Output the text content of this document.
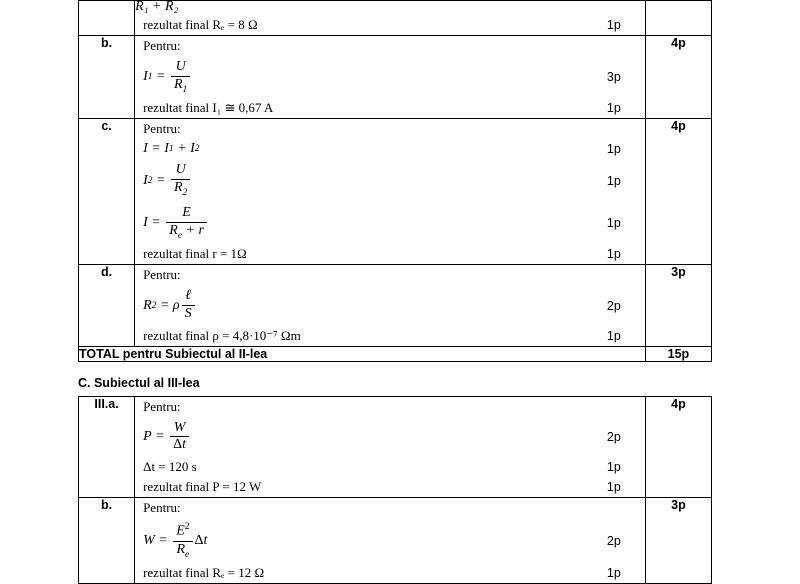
	R₁ + R₂
rezultat final Rₑ = 8 Ω 1p	

b.	Pentru:
I $1 = \frac{U}{R_1}$	3p
rezultat final I₁ ≅ 0,67 A	1p
	4p
c.	Pentru:
I = I 1 + I 2	1p
I $2 = \frac{U}{R_2}$	1p
$I = \frac{E}{R_e + r}$	1p
rezultat final r = 1Ω	1p
	4p
d.	Pentru:
R 2 = ρ $\frac{\text{ℓ}}{S}$	2p
rezultat final ρ = 4,8·10⁻⁷ Ωm	1p
	3p
TOTAL pentru Subiectul al II-lea		15p
C. Subiectul al III-lea
III.a.	Pentru:
$P = \frac{W}{\Delta t}$	2p
Δt = 120 s	1p
rezultat final P = 12 W	1p
	4p
b.	Pentru:
$W = \frac{E^2}{R_e}$ Δ t	2p
rezultat final Rₑ = 12 Ω	1p
	3p
